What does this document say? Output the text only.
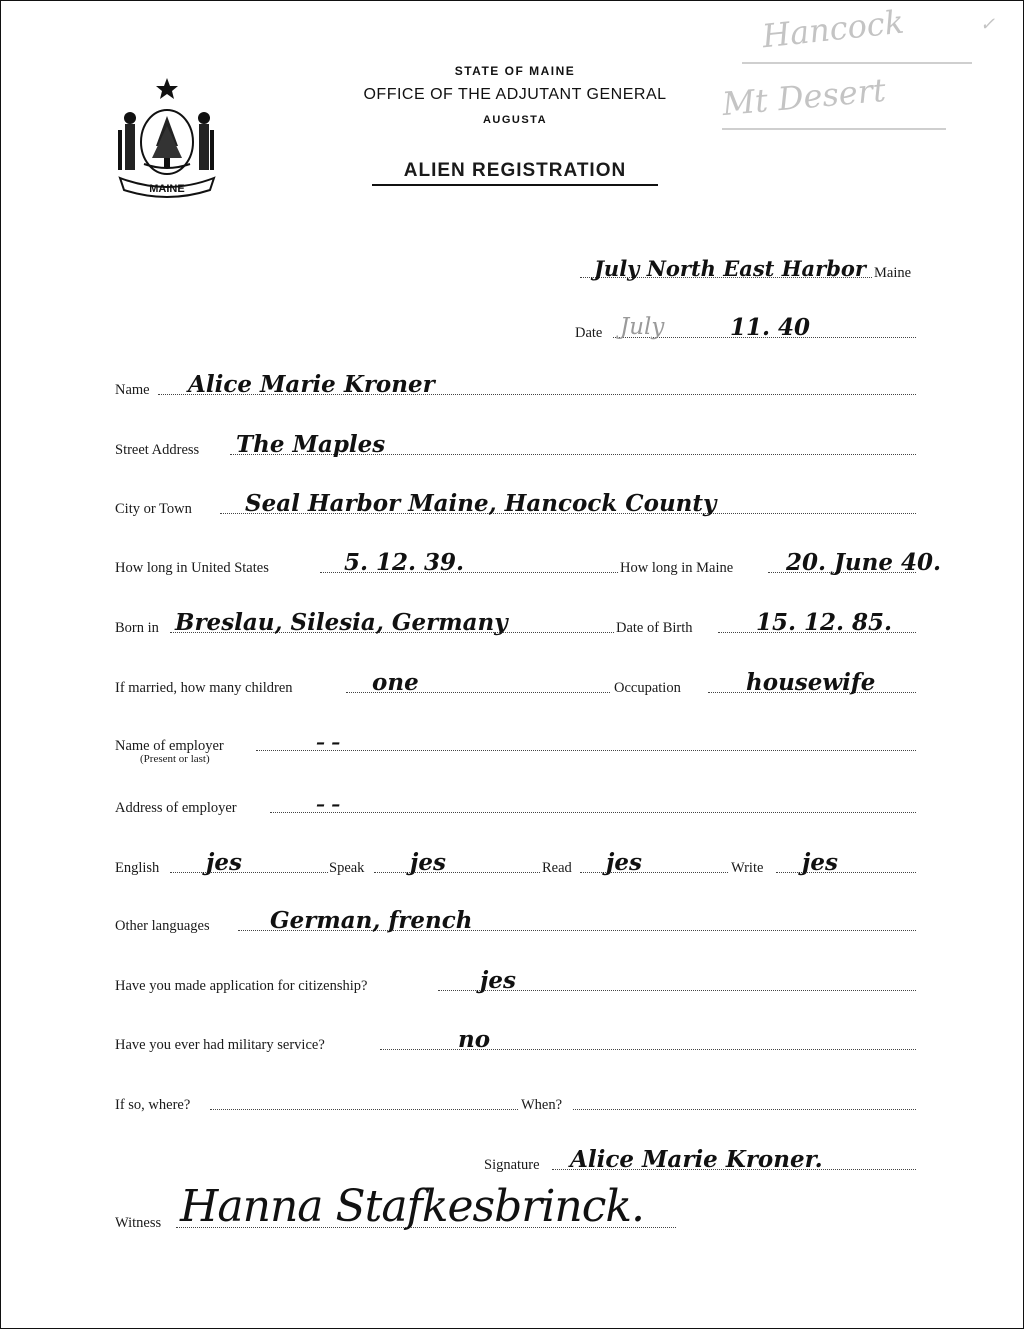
MAINE
STATE OF MAINE
OFFICE OF THE ADJUTANT GENERAL
AUGUSTA
ALIEN REGISTRATION
Hancock	✓
Mt Desert
July North East Harbor Maine
Date July	11. 40
Name Alice Marie Kroner
Street Address The Maples
City or Town Seal Harbor Maine, Hancock County
How long in United States	5. 12. 39.	How long in Maine 20. June 40.
Born in Breslau, Silesia, Germany	Date of Birth	15. 12. 85.
If married, how many children	one	Occupation	housewife
Name of employer	– –
(Present or last)
Address of employer	– –
English jes	Speak jes	Read jes	Write jes
Other languages	German, french
Have you made application for citizenship?	jes
Have you ever had military service?	no
If so, where?	When?
Signature Alice Marie Kroner.
Witness Hanna Stafkesbrinck.
